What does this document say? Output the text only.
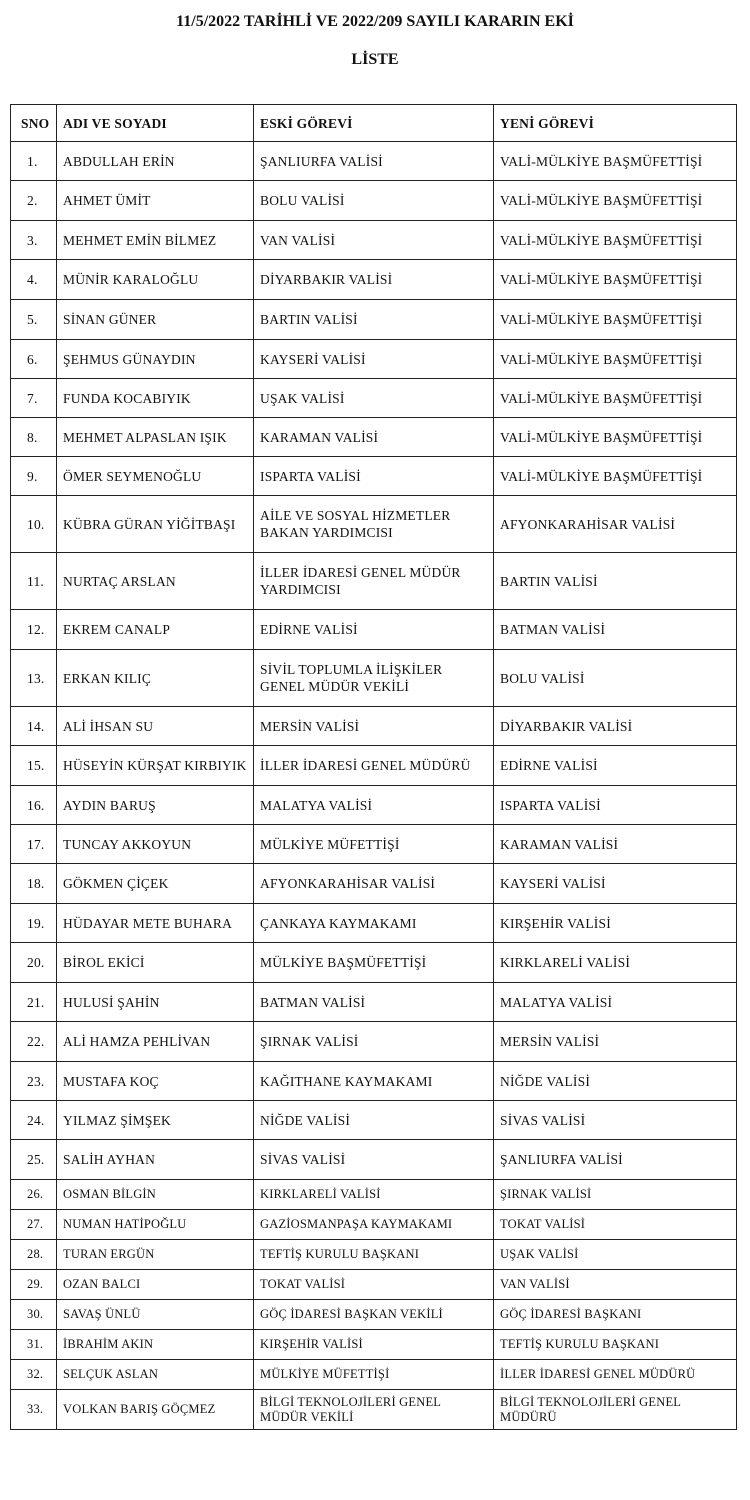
11/5/2022 TARİHLİ VE 2022/209 SAYILI KARARIN EKİ
LİSTE
SNO	ADI VE SOYADI	ESKİ GÖREVİ	YENİ GÖREVİ
1.	ABDULLAH ERİN	ŞANLIURFA VALİSİ	VALİ-MÜLKİYE BAŞMÜFETTİŞİ
2.	AHMET ÜMİT	BOLU VALİSİ	VALİ-MÜLKİYE BAŞMÜFETTİŞİ
3.	MEHMET EMİN BİLMEZ	VAN VALİSİ	VALİ-MÜLKİYE BAŞMÜFETTİŞİ
4.	MÜNİR KARALOĞLU	DİYARBAKIR VALİSİ	VALİ-MÜLKİYE BAŞMÜFETTİŞİ
5.	SİNAN GÜNER	BARTIN VALİSİ	VALİ-MÜLKİYE BAŞMÜFETTİŞİ
6.	ŞEHMUS GÜNAYDIN	KAYSERİ VALİSİ	VALİ-MÜLKİYE BAŞMÜFETTİŞİ
7.	FUNDA KOCABIYIK	UŞAK VALİSİ	VALİ-MÜLKİYE BAŞMÜFETTİŞİ
8.	MEHMET ALPASLAN IŞIK	KARAMAN VALİSİ	VALİ-MÜLKİYE BAŞMÜFETTİŞİ
9.	ÖMER SEYMENOĞLU	ISPARTA VALİSİ	VALİ-MÜLKİYE BAŞMÜFETTİŞİ
10.	KÜBRA GÜRAN YİĞİTBAŞI	AİLE VE SOSYAL HİZMETLER BAKAN YARDIMCISI	AFYONKARAHİSAR VALİSİ
11.	NURTAÇ ARSLAN	İLLER İDARESİ GENEL MÜDÜR YARDIMCISI	BARTIN VALİSİ
12.	EKREM CANALP	EDİRNE VALİSİ	BATMAN VALİSİ
13.	ERKAN KILIÇ	SİVİL TOPLUMLA İLİŞKİLER GENEL MÜDÜR VEKİLİ	BOLU VALİSİ
14.	ALİ İHSAN SU	MERSİN VALİSİ	DİYARBAKIR VALİSİ
15.	HÜSEYİN KÜRŞAT KIRBIYIK	İLLER İDARESİ GENEL MÜDÜRÜ	EDİRNE VALİSİ
16.	AYDIN BARUŞ	MALATYA VALİSİ	ISPARTA VALİSİ
17.	TUNCAY AKKOYUN	MÜLKİYE MÜFETTİŞİ	KARAMAN VALİSİ
18.	GÖKMEN ÇİÇEK	AFYONKARAHİSAR VALİSİ	KAYSERİ VALİSİ
19.	HÜDAYAR METE BUHARA	ÇANKAYA KAYMAKAMI	KIRŞEHİR VALİSİ
20.	BİROL EKİCİ	MÜLKİYE BAŞMÜFETTİŞİ	KIRKLARELİ VALİSİ
21.	HULUSİ ŞAHİN	BATMAN VALİSİ	MALATYA VALİSİ
22.	ALİ HAMZA PEHLİVAN	ŞIRNAK VALİSİ	MERSİN VALİSİ
23.	MUSTAFA KOÇ	KAĞITHANE KAYMAKAMI	NİĞDE VALİSİ
24.	YILMAZ ŞİMŞEK	NİĞDE VALİSİ	SİVAS VALİSİ
25.	SALİH AYHAN	SİVAS VALİSİ	ŞANLIURFA VALİSİ
26.	OSMAN BİLGİN	KIRKLARELİ VALİSİ	ŞIRNAK VALİSİ
27.	NUMAN HATİPOĞLU	GAZİOSMANPAŞA KAYMAKAMI	TOKAT VALİSİ
28.	TURAN ERGÜN	TEFTİŞ KURULU BAŞKANI	UŞAK VALİSİ
29.	OZAN BALCI	TOKAT VALİSİ	VAN VALİSİ
30.	SAVAŞ ÜNLÜ	GÖÇ İDARESİ BAŞKAN VEKİLİ	GÖÇ İDARESİ BAŞKANI
31.	İBRAHİM AKIN	KIRŞEHİR VALİSİ	TEFTİŞ KURULU BAŞKANI
32.	SELÇUK ASLAN	MÜLKİYE MÜFETTİŞİ	İLLER İDARESİ GENEL MÜDÜRÜ
33.	VOLKAN BARIŞ GÖÇMEZ	BİLGİ TEKNOLOJİLERİ GENEL MÜDÜR VEKİLİ	BİLGİ TEKNOLOJİLERİ GENEL MÜDÜRÜ
